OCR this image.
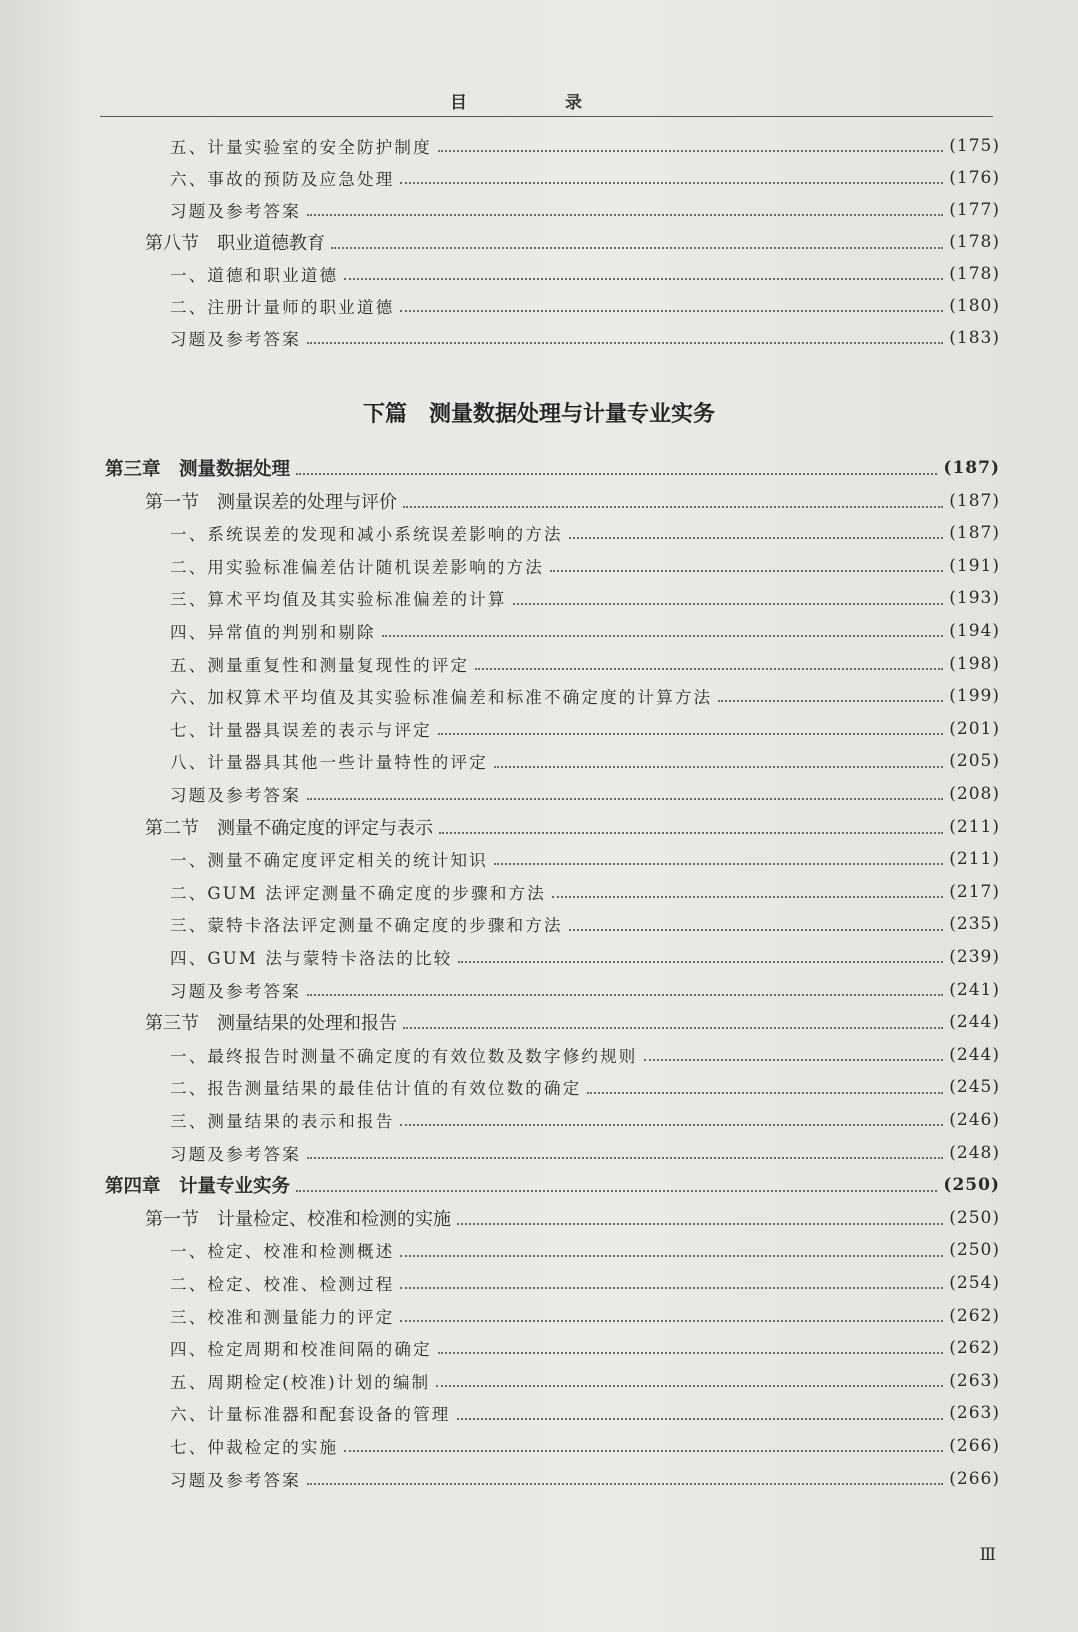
目 录
五、计量实验室的安全防护制度	(175)
六、事故的预防及应急处理	(176)
习题及参考答案	(177)
第八节　职业道德教育	(178)
一、道德和职业道德	(178)
二、注册计量师的职业道德	(180)
习题及参考答案	(183)
下篇　测量数据处理与计量专业实务
第三章　测量数据处理	(187)
第一节　测量误差的处理与评价	(187)
一、系统误差的发现和减小系统误差影响的方法	(187)
二、用实验标准偏差估计随机误差影响的方法	(191)
三、算术平均值及其实验标准偏差的计算	(193)
四、异常值的判别和剔除	(194)
五、测量重复性和测量复现性的评定	(198)
六、加权算术平均值及其实验标准偏差和标准不确定度的计算方法	(199)
七、计量器具误差的表示与评定	(201)
八、计量器具其他一些计量特性的评定	(205)
习题及参考答案	(208)
第二节　测量不确定度的评定与表示	(211)
一、测量不确定度评定相关的统计知识	(211)
二、GUM 法评定测量不确定度的步骤和方法	(217)
三、蒙特卡洛法评定测量不确定度的步骤和方法	(235)
四、GUM 法与蒙特卡洛法的比较	(239)
习题及参考答案	(241)
第三节　测量结果的处理和报告	(244)
一、最终报告时测量不确定度的有效位数及数字修约规则	(244)
二、报告测量结果的最佳估计值的有效位数的确定	(245)
三、测量结果的表示和报告	(246)
习题及参考答案	(248)
第四章　计量专业实务	(250)
第一节　计量检定、校准和检测的实施	(250)
一、检定、校准和检测概述	(250)
二、检定、校准、检测过程	(254)
三、校准和测量能力的评定	(262)
四、检定周期和校准间隔的确定	(262)
五、周期检定(校准)计划的编制	(263)
六、计量标准器和配套设备的管理	(263)
七、仲裁检定的实施	(266)
习题及参考答案	(266)
Ⅲ
